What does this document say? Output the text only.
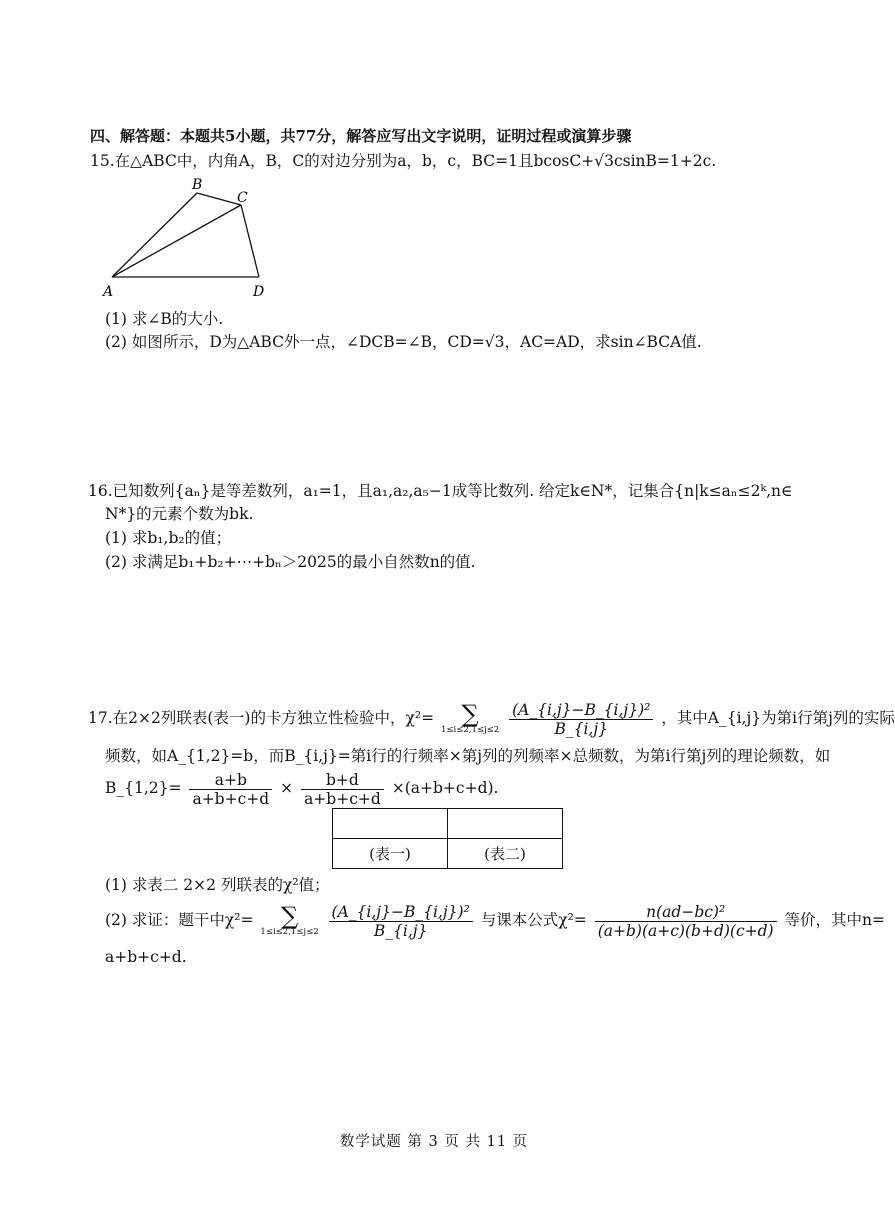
四、解答题：本题共5小题，共77分，解答应写出文字说明，证明过程或演算步骤
15.在△ABC中，内角A，B，C的对边分别为a，b，c，BC=1且bcosC+√3csinB=1+2c.
A
B
C
D
(1) 求∠B的大小.
(2) 如图所示，D为△ABC外一点，∠DCB=∠B，CD=√3，AC=AD，求sin∠BCA值.
16.已知数列{aₙ}是等差数列，a₁=1，且a₁,a₂,a₅−1成等比数列. 给定k∈N*，记集合{n|k≤aₙ≤2ᵏ,n∈
N*}的元素个数为bk.
(1) 求b₁,b₂的值；
(2) 求满足b₁+b₂+⋯+bₙ＞2025的最小自然数n的值.
17.在2×2列联表(表一)的卡方独立性检验中，χ²=	∑
1≤i≤2,1≤j≤2
$\frac{\text{(A\_\{i,j\}−B\_\{i,j\})²}}{B\_\{i,j\}}$ ，其中A_{i,j}为第i行第j列的实际
频数，如A_{1,2}=b，而B_{i,j}=第i行的行频率×第j列的列频率×总频数，为第i行第j列的理论频数，如
B_{1,2}= $\frac{a+b}{a+b+c+d} \times \frac{b+d}{a+b+c+d} \times(a+b+c+d)$.

(表一)	(表二)
(1) 求表二 2×2 列联表的χ²值；
(2) 求证：题干中χ²=	∑
1≤i≤2,1≤j≤2
$\frac{\text{(A\_\{i,j\}−B\_\{i,j\})²}}{B\_\{i,j\}}$ 与课本公式$\chi^2= \frac{\text{n(ad−bc)²}}{(a+b)(a+c)(b+d)(c+d)}$ 等价，其中n=
a+b+c+d.
数学试题 第 3 页 共 11 页
